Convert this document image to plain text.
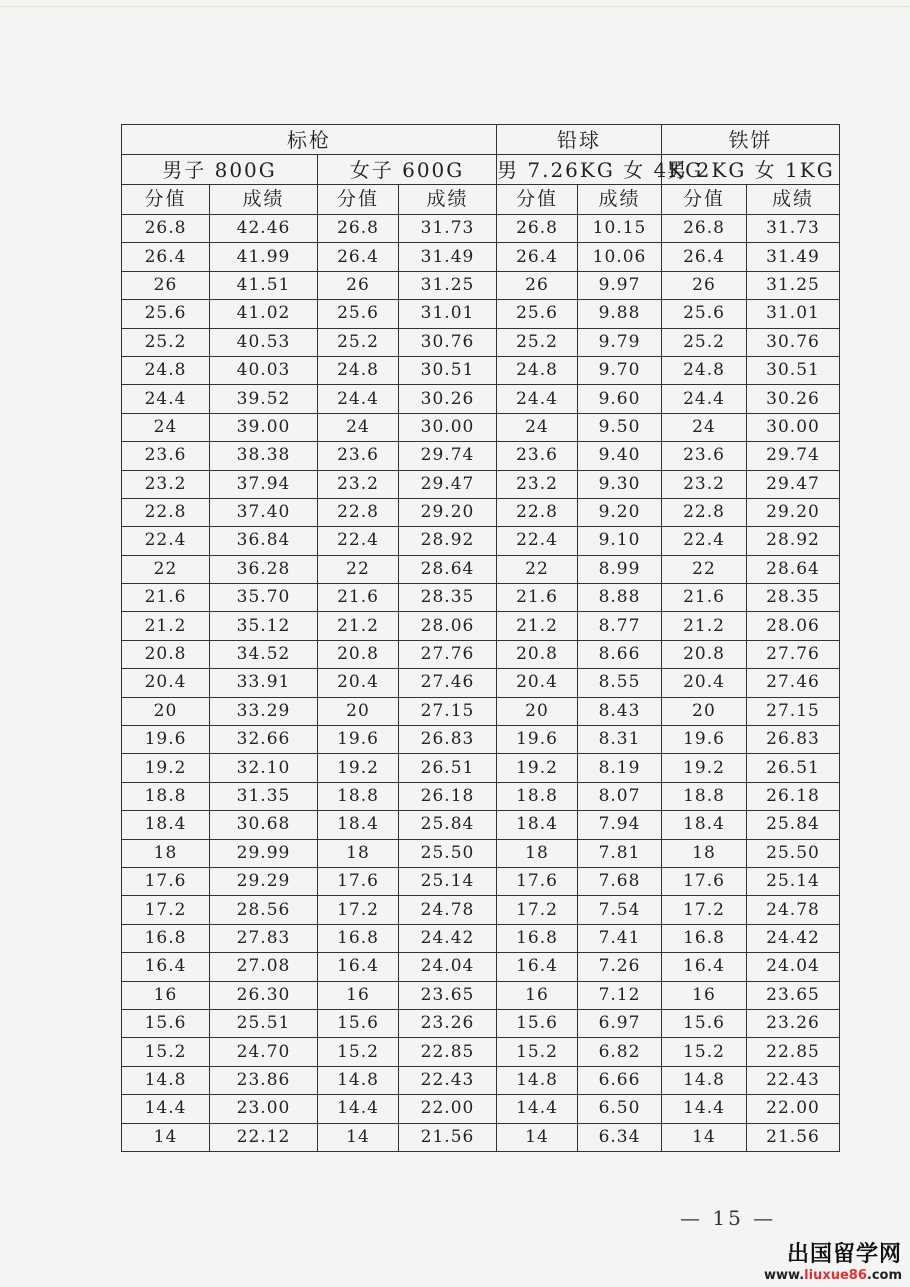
标枪				铅球		铁饼	
男子 800G		女子 600G		男 7.26KG 女 4KG		男 2KG 女 1KG	
分值	成绩	分值	成绩	分值	成绩	分值	成绩
26.8	42.46	26.8	31.73	26.8	10.15	26.8	31.73
26.4	41.99	26.4	31.49	26.4	10.06	26.4	31.49
26	41.51	26	31.25	26	9.97	26	31.25
25.6	41.02	25.6	31.01	25.6	9.88	25.6	31.01
25.2	40.53	25.2	30.76	25.2	9.79	25.2	30.76
24.8	40.03	24.8	30.51	24.8	9.70	24.8	30.51
24.4	39.52	24.4	30.26	24.4	9.60	24.4	30.26
24	39.00	24	30.00	24	9.50	24	30.00
23.6	38.38	23.6	29.74	23.6	9.40	23.6	29.74
23.2	37.94	23.2	29.47	23.2	9.30	23.2	29.47
22.8	37.40	22.8	29.20	22.8	9.20	22.8	29.20
22.4	36.84	22.4	28.92	22.4	9.10	22.4	28.92
22	36.28	22	28.64	22	8.99	22	28.64
21.6	35.70	21.6	28.35	21.6	8.88	21.6	28.35
21.2	35.12	21.2	28.06	21.2	8.77	21.2	28.06
20.8	34.52	20.8	27.76	20.8	8.66	20.8	27.76
20.4	33.91	20.4	27.46	20.4	8.55	20.4	27.46
20	33.29	20	27.15	20	8.43	20	27.15
19.6	32.66	19.6	26.83	19.6	8.31	19.6	26.83
19.2	32.10	19.2	26.51	19.2	8.19	19.2	26.51
18.8	31.35	18.8	26.18	18.8	8.07	18.8	26.18
18.4	30.68	18.4	25.84	18.4	7.94	18.4	25.84
18	29.99	18	25.50	18	7.81	18	25.50
17.6	29.29	17.6	25.14	17.6	7.68	17.6	25.14
17.2	28.56	17.2	24.78	17.2	7.54	17.2	24.78
16.8	27.83	16.8	24.42	16.8	7.41	16.8	24.42
16.4	27.08	16.4	24.04	16.4	7.26	16.4	24.04
16	26.30	16	23.65	16	7.12	16	23.65
15.6	25.51	15.6	23.26	15.6	6.97	15.6	23.26
15.2	24.70	15.2	22.85	15.2	6.82	15.2	22.85
14.8	23.86	14.8	22.43	14.8	6.66	14.8	22.43
14.4	23.00	14.4	22.00	14.4	6.50	14.4	22.00
14	22.12	14	21.56	14	6.34	14	21.56
— 15 —
出国留学网
www.liuxue86.com
